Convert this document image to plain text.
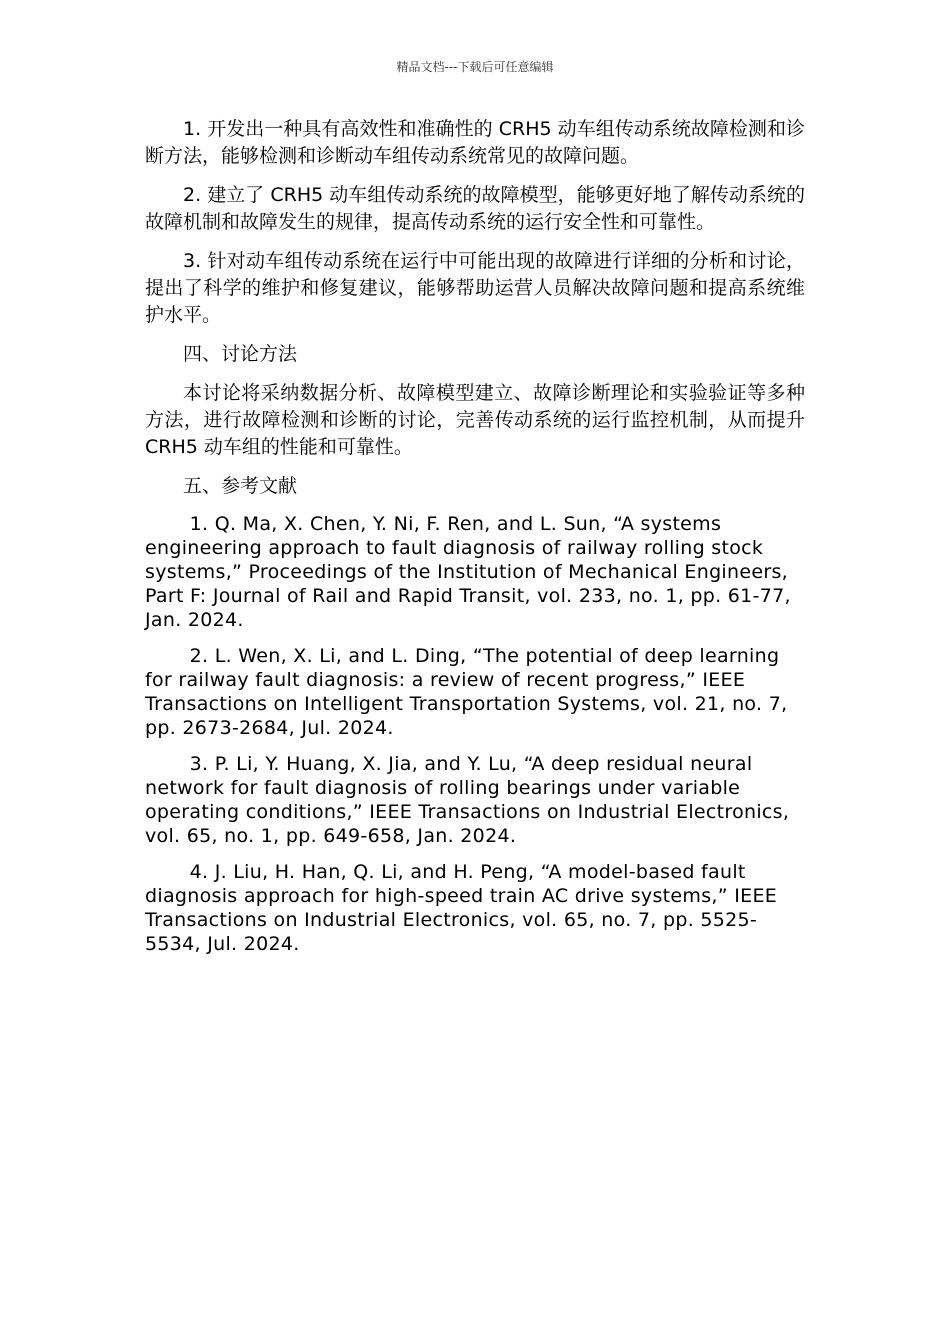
精品文档---下载后可任意编辑

1. 开发出一种具有高效性和准确性的 CRH5 动车组传动系统故障检测和诊断方法，能够检测和诊断动车组传动系统常见的故障问题。

2. 建立了 CRH5 动车组传动系统的故障模型，能够更好地了解传动系统的故障机制和故障发生的规律，提高传动系统的运行安全性和可靠性。

3. 针对动车组传动系统在运行中可能出现的故障进行详细的分析和讨论，提出了科学的维护和修复建议，能够帮助运营人员解决故障问题和提高系统维护水平。

四、讨论方法

本讨论将采纳数据分析、故障模型建立、故障诊断理论和实验验证等多种方法，进行故障检测和诊断的讨论，完善传动系统的运行监控机制，从而提升 CRH5 动车组的性能和可靠性。

五、参考文献

1. Q. Ma, X. Chen, Y. Ni, F. Ren, and L. Sun, “A systems engineering approach to fault diagnosis of railway rolling stock systems,” Proceedings of the Institution of Mechanical Engineers, Part F: Journal of Rail and Rapid Transit, vol. 233, no. 1, pp. 61-77, Jan. 2024.

2. L. Wen, X. Li, and L. Ding, “The potential of deep learning for railway fault diagnosis: a review of recent progress,” IEEE Transactions on Intelligent Transportation Systems, vol. 21, no. 7, pp. 2673-2684, Jul. 2024.

3. P. Li, Y. Huang, X. Jia, and Y. Lu, “A deep residual neural network for fault diagnosis of rolling bearings under variable operating conditions,” IEEE Transactions on Industrial Electronics, vol. 65, no. 1, pp. 649-658, Jan. 2024.

4. J. Liu, H. Han, Q. Li, and H. Peng, “A model-based fault diagnosis approach for high-speed train AC drive systems,” IEEE Transactions on Industrial Electronics, vol. 65, no. 7, pp. 5525-5534, Jul. 2024.
